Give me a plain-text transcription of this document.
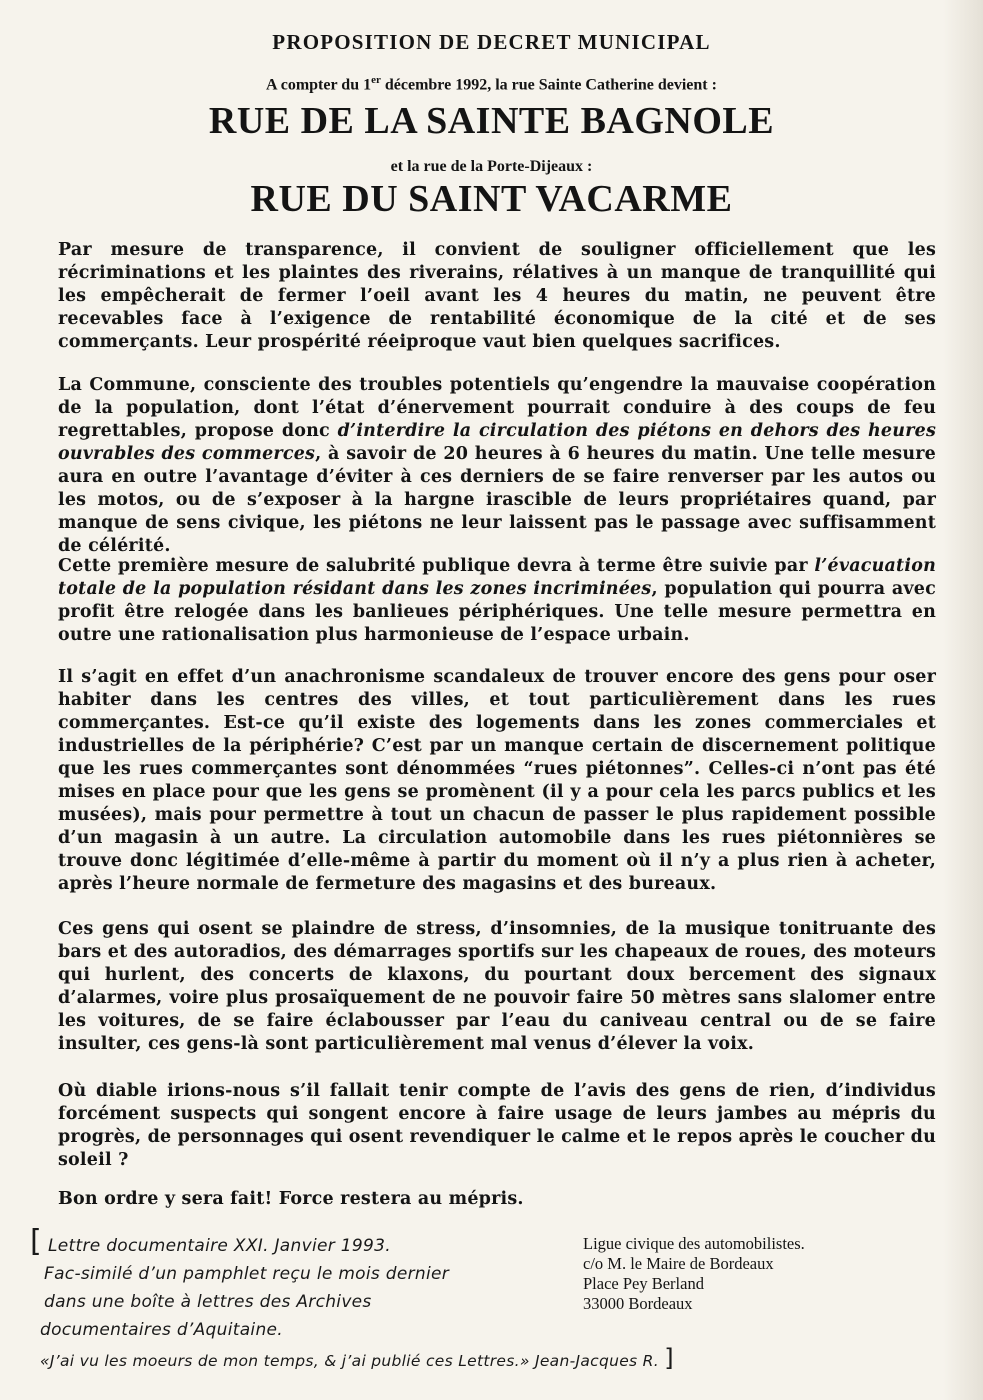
PROPOSITION DE DECRET MUNICIPAL
A compter du 1er décembre 1992, la rue Sainte Catherine devient :
RUE DE LA SAINTE BAGNOLE
et la rue de la Porte-Dijeaux :
RUE DU SAINT VACARME
Par mesure de transparence, il convient de souligner officiellement que les récriminations et les plaintes des riverains, rélatives à un manque de tranquillité qui les empêcherait de fermer l’oeil avant les 4 heures du matin, ne peuvent être recevables face à l’exigence de rentabilité économique de la cité et de ses commerçants. Leur prospérité réeiproque vaut bien quelques sacrifices.
La Commune, consciente des troubles potentiels qu’engendre la mauvaise coopération de la population, dont l’état d’énervement pourrait conduire à des coups de feu regrettables, propose donc d’interdire la circulation des piétons en dehors des heures ouvrables des commerces, à savoir de 20 heures à 6 heures du matin. Une telle mesure aura en outre l’avantage d’éviter à ces derniers de se faire renverser par les autos ou les motos, ou de s’exposer à la hargne irascible de leurs propriétaires quand, par manque de sens civique, les piétons ne leur laissent pas le passage avec suffisamment de célérité.
Cette première mesure de salubrité publique devra à terme être suivie par l’évacuation totale de la population résidant dans les zones incriminées, population qui pourra avec profit être relogée dans les banlieues périphériques. Une telle mesure permettra en outre une rationalisation plus harmonieuse de l’espace urbain.
Il s’agit en effet d’un anachronisme scandaleux de trouver encore des gens pour oser habiter dans les centres des villes, et tout particulièrement dans les rues commerçantes. Est-ce qu’il existe des logements dans les zones commerciales et industrielles de la périphérie? C’est par un manque certain de discernement politique que les rues commerçantes sont dénommées “rues piétonnes”. Celles-ci n’ont pas été mises en place pour que les gens se promènent (il y a pour cela les parcs publics et les musées), mais pour permettre à tout un chacun de passer le plus rapidement possible d’un magasin à un autre. La circulation automobile dans les rues piétonnières se trouve donc légitimée d’elle-même à partir du moment où il n’y a plus rien à acheter, après l’heure normale de fermeture des magasins et des bureaux.
Ces gens qui osent se plaindre de stress, d’insomnies, de la musique tonitruante des bars et des autoradios, des démarrages sportifs sur les chapeaux de roues, des moteurs qui hurlent, des concerts de klaxons, du pourtant doux bercement des signaux d’alarmes, voire plus prosaïquement de ne pouvoir faire 50 mètres sans slalomer entre les voitures, de se faire éclabousser par l’eau du caniveau central ou de se faire insulter, ces gens-là sont particulièrement mal venus d’élever la voix.
Où diable irions-nous s’il fallait tenir compte de l’avis des gens de rien, d’individus forcément suspects qui songent encore à faire usage de leurs jambes au mépris du progrès, de personnages qui osent revendiquer le calme et le repos après le coucher du soleil ?
Bon ordre y sera fait! Force restera au mépris.
Ligue civique des automobilistes.
c/o M. le Maire de Bordeaux
Place Pey Berland
33000 Bordeaux
[ Lettre documentaire XXI. Janvier 1993.
Fac-similé d’un pamphlet reçu le mois dernier
dans une boîte à lettres des Archives
documentaires d’Aquitaine.
«J’ai vu les moeurs de mon temps, & j’ai publié ces Lettres.» Jean-Jacques R. ]
